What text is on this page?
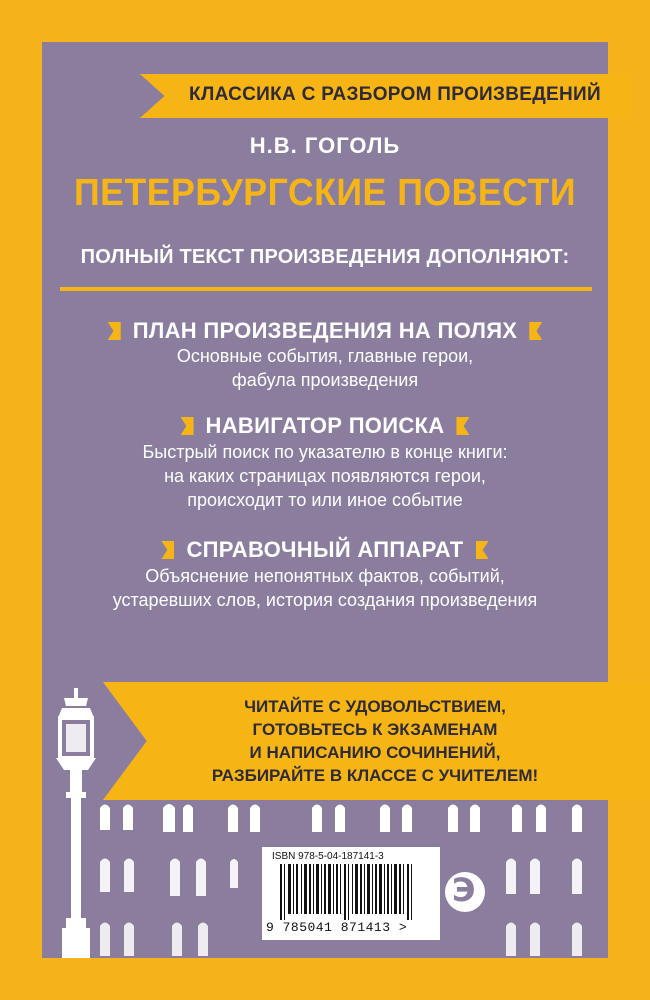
КЛАССИКА С РАЗБОРОМ ПРОИЗВЕДЕНИЙ
Н.В. ГОГОЛЬ
ПЕТЕРБУРГСКИЕ ПОВЕСТИ
ПОЛНЫЙ ТЕКСТ ПРОИЗВЕДЕНИЯ ДОПОЛНЯЮТ:
ПЛАН ПРОИЗВЕДЕНИЯ НА ПОЛЯХ
Основные события, главные герои,
фабула произведения
НАВИГАТОР ПОИСКА
Быстрый поиск по указателю в конце книги:
на каких страницах появляются герои,
происходит то или иное событие
СПРАВОЧНЫЙ АППАРАТ
Объяснение непонятных фактов, событий,
устаревших слов, история создания произведения
ЧИТАЙТЕ С УДОВОЛЬСТВИЕМ,
ГОТОВЬТЕСЬ К ЭКЗАМЕНАМ
И НАПИСАНИЮ СОЧИНЕНИЙ,
РАЗБИРАЙТЕ В КЛАССЕ С УЧИТЕЛЕМ!
ISBN 978-5-04-187141-3
9 785041 871413 >
Э
